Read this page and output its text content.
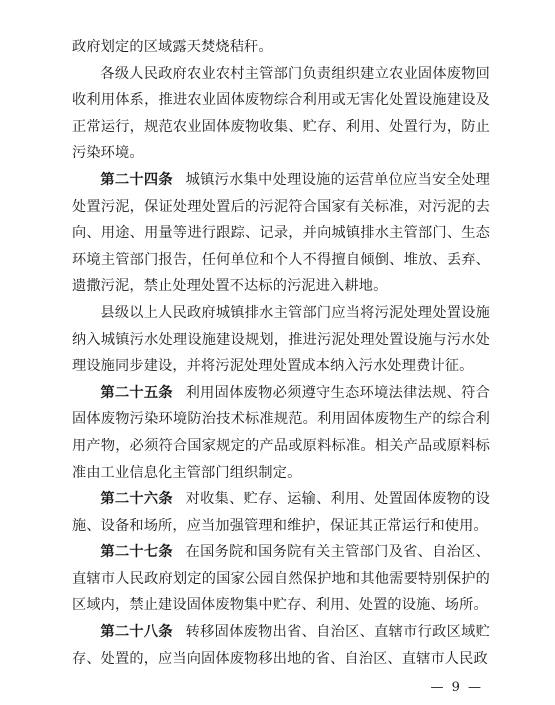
政府划定的区域露天焚烧秸秆。

各级人民政府农业农村主管部门负责组织建立农业固体废物回收利用体系，推进农业固体废物综合利用或无害化处置设施建设及正常运行，规范农业固体废物收集、贮存、利用、处置行为，防止污染环境。

第二十四条 城镇污水集中处理设施的运营单位应当安全处理处置污泥，保证处理处置后的污泥符合国家有关标准，对污泥的去向、用途、用量等进行跟踪、记录，并向城镇排水主管部门、生态环境主管部门报告，任何单位和个人不得擅自倾倒、堆放、丢弃、遗撒污泥，禁止处理处置不达标的污泥进入耕地。

县级以上人民政府城镇排水主管部门应当将污泥处理处置设施纳入城镇污水处理设施建设规划，推进污泥处理处置设施与污水处理设施同步建设，并将污泥处理处置成本纳入污水处理费计征。

第二十五条 利用固体废物必须遵守生态环境法律法规、符合固体废物污染环境防治技术标准规范。利用固体废物生产的综合利用产物，必须符合国家规定的产品或原料标准。相关产品或原料标准由工业信息化主管部门组织制定。

第二十六条 对收集、贮存、运输、利用、处置固体废物的设施、设备和场所，应当加强管理和维护，保证其正常运行和使用。

第二十七条 在国务院和国务院有关主管部门及省、自治区、直辖市人民政府划定的国家公园自然保护地和其他需要特别保护的区域内，禁止建设固体废物集中贮存、利用、处置的设施、场所。

第二十八条 转移固体废物出省、自治区、直辖市行政区域贮存、处置的，应当向固体废物移出地的省、自治区、直辖市人民政

— 9 —
